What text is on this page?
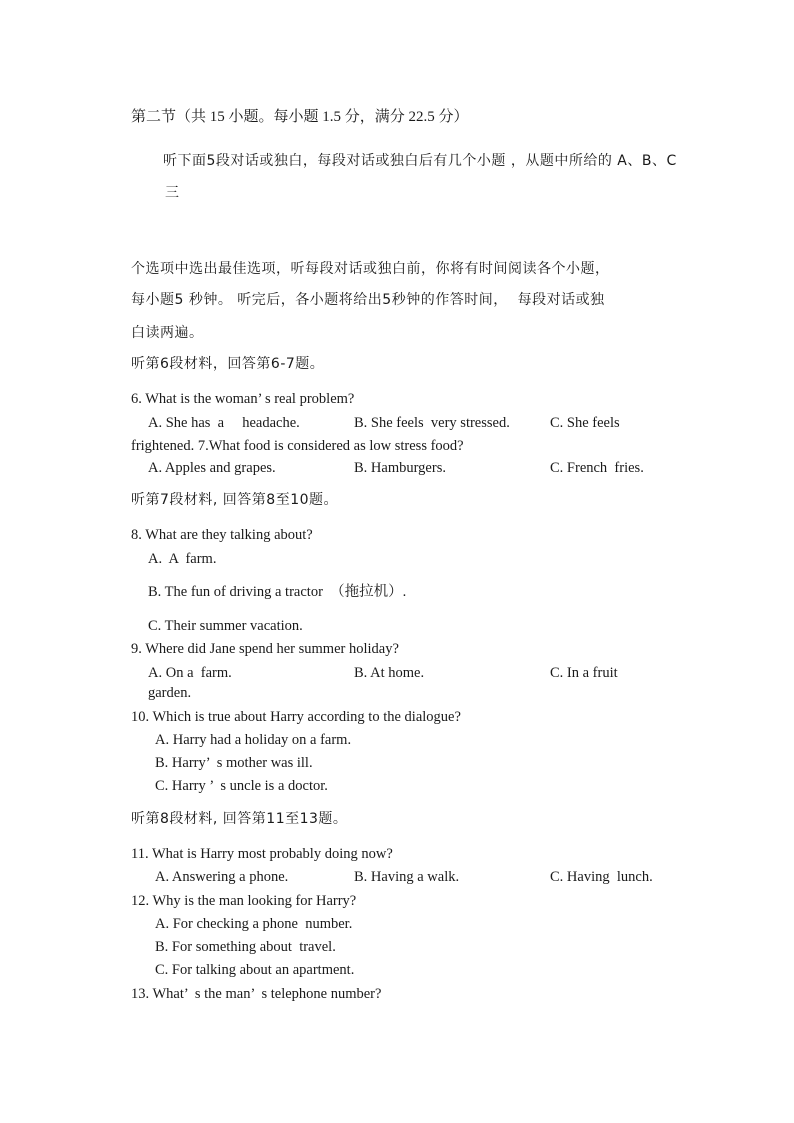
第二节（共 15 小题。每小题 1.5 分，满分 22.5 分）
听下面5段对话或独白，每段对话或独白后有几个小题 ，从题中所给的 A、B、C
三
个选项中选出最佳选项，听每段对话或独白前，你将有时间阅读各个小题，
每小题5 秒钟。 听完后，各小题将给出5秒钟的作答时间，  每段对话或独
白读两遍。
听第6段材料，回答第6-7题。
6. What is the woman’ s real problem?
A. She has  a     headache.	B. She feels  very stressed.	C. She feels
frightened. 7.What food is considered as low stress food?
A. Apples and grapes.	B. Hamburgers.	C. French  fries.
听第7段材料, 回答第8至10题。
8. What are they talking about?
A.  A  farm.
B. The fun of driving a tractor  （拖拉机）.
C. Their summer vacation.
9. Where did Jane spend her summer holiday?
A. On a  farm.	B. At home.	C. In a fruit
garden.
10. Which is true about Harry according to the dialogue?
A. Harry had a holiday on a farm.
B. Harry’  s mother was ill.
C. Harry ’  s uncle is a doctor.
听第8段材料, 回答第11至13题。
11. What is Harry most probably doing now?
A. Answering a phone.	B. Having a walk.	C. Having  lunch.
12. Why is the man looking for Harry?
A. For checking a phone  number.
B. For something about  travel.
C. For talking about an apartment.
13. What’  s the man’  s telephone number?
